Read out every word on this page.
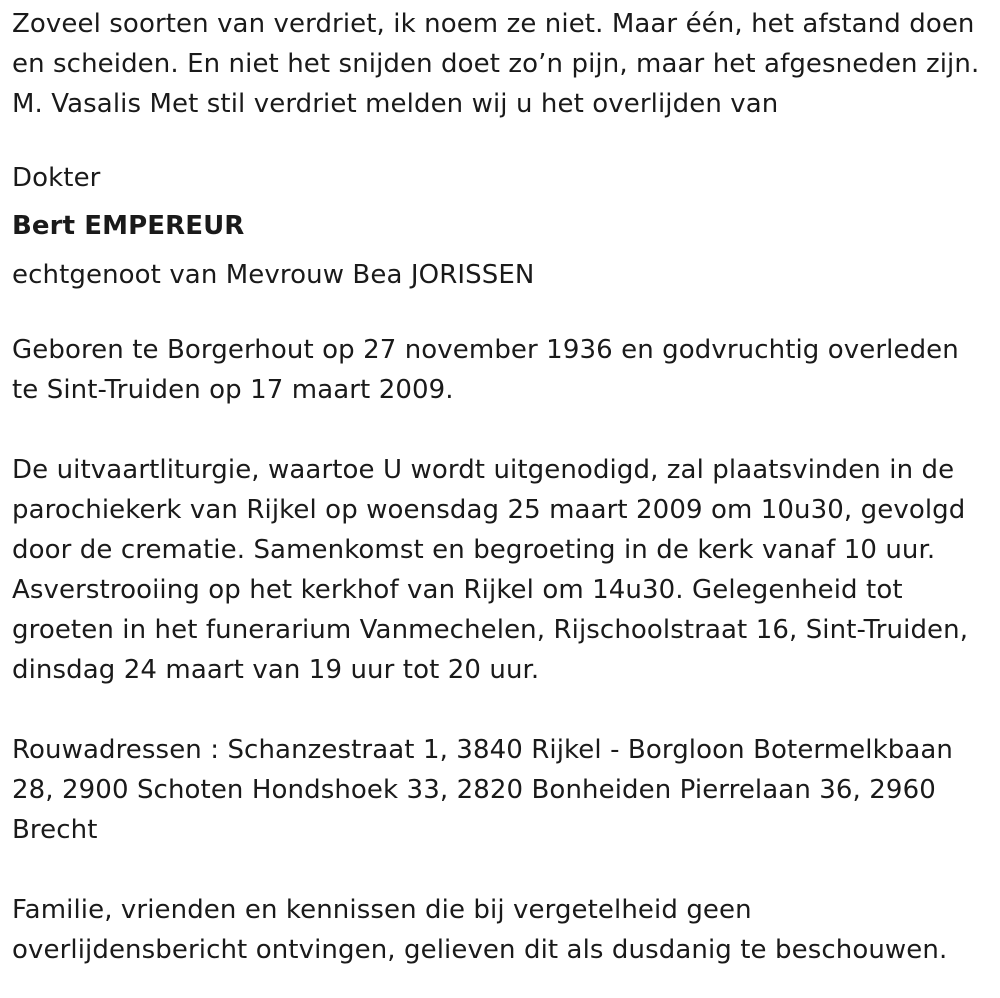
Zoveel soorten van verdriet, ik noem ze niet. Maar één, het afstand doen
en scheiden. En niet het snijden doet zo’n pijn, maar het afgesneden zijn.
M. Vasalis Met stil verdriet melden wij u het overlijden van
Dokter
Bert EMPEREUR
echtgenoot van Mevrouw Bea JORISSEN
Geboren te Borgerhout op 27 november 1936 en godvruchtig overleden
te Sint-Truiden op 17 maart 2009.
De uitvaartliturgie, waartoe U wordt uitgenodigd, zal plaatsvinden in de
parochiekerk van Rijkel op woensdag 25 maart 2009 om 10u30, gevolgd
door de crematie. Samenkomst en begroeting in de kerk vanaf 10 uur.
Asverstrooiing op het kerkhof van Rijkel om 14u30. Gelegenheid tot
groeten in het funerarium Vanmechelen, Rijschoolstraat 16, Sint-Truiden,
dinsdag 24 maart van 19 uur tot 20 uur.
Rouwadressen : Schanzestraat 1, 3840 Rijkel - Borgloon Botermelkbaan
28, 2900 Schoten Hondshoek 33, 2820 Bonheiden Pierrelaan 36, 2960
Brecht
Familie, vrienden en kennissen die bij vergetelheid geen
overlijdensbericht ontvingen, gelieven dit als dusdanig te beschouwen.
